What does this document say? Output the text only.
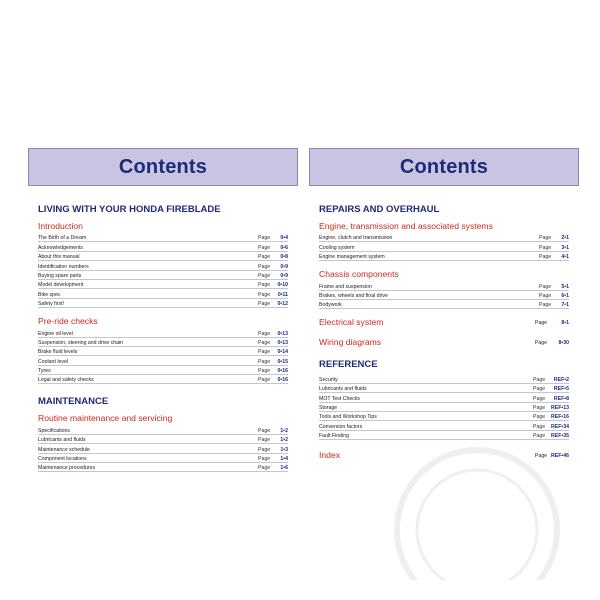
Contents
LIVING WITH YOUR HONDA FIREBLADE
Introduction
The Birth of a Dream	Page	0•4
Acknowledgements	Page	0•6
About this manual	Page	0•8
Identification numbers	Page	0•9
Buying spare parts	Page	0•9
Model development	Page	0•10
Bike spec	Page	0•11
Safety first!	Page	0•12
Pre-ride checks
Engine oil level	Page	0•13
Suspension, steering and drive chain	Page	0•13
Brake fluid levels	Page	0•14
Coolant level	Page	0•15
Tyres	Page	0•16
Legal and safety checks	Page	0•16
MAINTENANCE
Routine maintenance and servicing
Specifications	Page	1•2
Lubricants and fluids	Page	1•2
Maintenance schedule	Page	1•3
Component locations	Page	1•4
Maintenance procedures	Page	1•6
Contents
REPAIRS AND OVERHAUL
Engine, transmission and associated systems
Engine, clutch and transmission	Page	2•1
Cooling system	Page	3•1
Engine management system	Page	4•1
Chassis components
Frame and suspension	Page	5•1
Brakes, wheels and final drive	Page	6•1
Bodywork	Page	7•1
Electrical system	Page	8•1
Wiring diagrams	Page	8•30
REFERENCE
Security	Page	REF•2
Lubricants and fluids	Page	REF•5
MOT Test Checks	Page	REF•8
Storage	Page	REF•13
Tools and Workshop Tips	Page	REF•16
Conversion factors	Page	REF•34
Fault Finding	Page	REF•35
Index	Page REF•46
